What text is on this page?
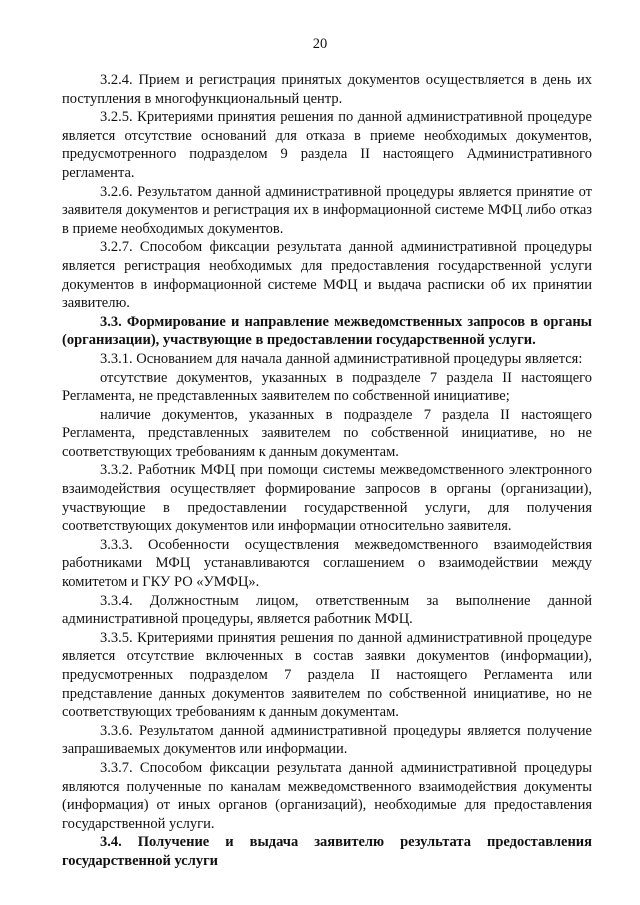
20

3.2.4. Прием и регистрация принятых документов осуществляется в день их поступления в многофункциональный центр.

3.2.5. Критериями принятия решения по данной административной процедуре является отсутствие оснований для отказа в приеме необходимых документов, предусмотренного подразделом 9 раздела II настоящего Административного регламента.

3.2.6. Результатом данной административной процедуры является принятие от заявителя документов и регистрация их в информационной системе МФЦ либо отказ в приеме необходимых документов.

3.2.7. Способом фиксации результата данной административной процедуры является регистрация необходимых для предоставления государственной услуги документов в информационной системе МФЦ и выдача расписки об их принятии заявителю.

3.3. Формирование и направление межведомственных запросов в органы (организации), участвующие в предоставлении государственной услуги.

3.3.1. Основанием для начала данной административной процедуры является:

отсутствие документов, указанных в подразделе 7 раздела II настоящего Регламента, не представленных заявителем по собственной инициативе;

наличие документов, указанных в подразделе 7 раздела II настоящего Регламента, представленных заявителем по собственной инициативе, но не соответствующих требованиям к данным документам.

3.3.2. Работник МФЦ при помощи системы межведомственного электронного взаимодействия осуществляет формирование запросов в органы (организации), участвующие в предоставлении государственной услуги, для получения соответствующих документов или информации относительно заявителя.

3.3.3. Особенности осуществления межведомственного взаимодействия работниками МФЦ устанавливаются соглашением о взаимодействии между комитетом и ГКУ РО «УМФЦ».

3.3.4. Должностным лицом, ответственным за выполнение данной административной процедуры, является работник МФЦ.

3.3.5. Критериями принятия решения по данной административной процедуре является отсутствие включенных в состав заявки документов (информации), предусмотренных подразделом 7 раздела II настоящего Регламента или представление данных документов заявителем по собственной инициативе, но не соответствующих требованиям к данным документам.

3.3.6. Результатом данной административной процедуры является получение запрашиваемых документов или информации.

3.3.7. Способом фиксации результата данной административной процедуры являются полученные по каналам межведомственного взаимодействия документы (информация) от иных органов (организаций), необходимые для предоставления государственной услуги.

3.4. Получение и выдача заявителю результата предоставления государственной услуги
